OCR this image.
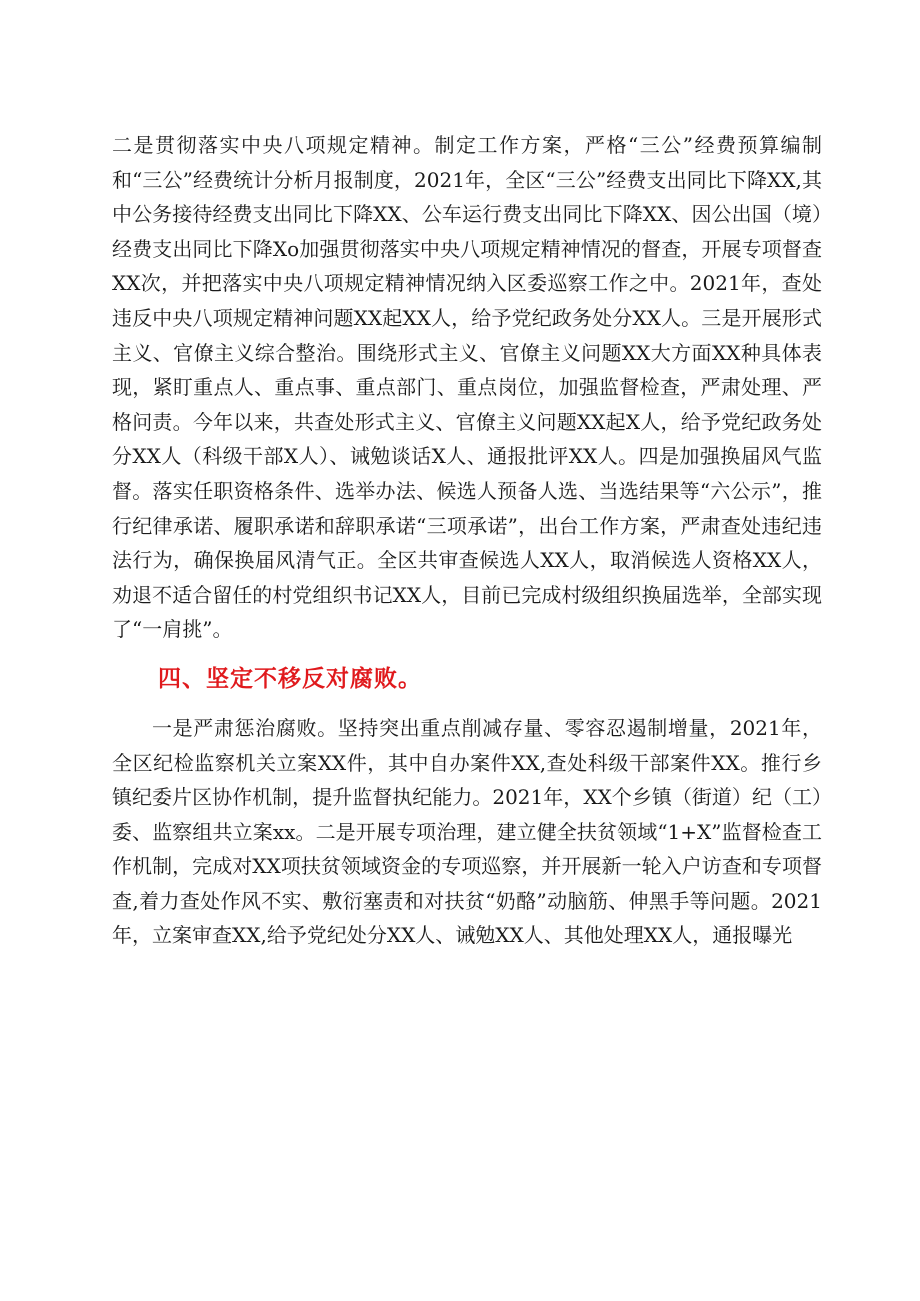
二是贯彻落实中央八项规定精神。制定工作方案，严格“三公”经费预算编制和“三公”经费统计分析月报制度，2021年，全区“三公”经费支出同比下降XX,其中公务接待经费支出同比下降XX、公车运行费支出同比下降XX、因公出国（境）经费支出同比下降Xo加强贯彻落实中央八项规定精神情况的督查，开展专项督查XX次，并把落实中央八项规定精神情况纳入区委巡察工作之中。2021年，查处违反中央八项规定精神问题XX起XX人，给予党纪政务处分XX人。三是开展形式主义、官僚主义综合整治。围绕形式主义、官僚主义问题XX大方面XX种具体表现，紧盯重点人、重点事、重点部门、重点岗位，加强监督检查，严肃处理、严格问责。今年以来，共查处形式主义、官僚主义问题XX起X人，给予党纪政务处分XX人（科级干部X人）、诫勉谈话X人、通报批评XX人。四是加强换届风气监督。落实任职资格条件、选举办法、候选人预备人选、当选结果等“六公示”，推行纪律承诺、履职承诺和辞职承诺“三项承诺”，出台工作方案，严肃查处违纪违法行为，确保换届风清气正。全区共审查候选人XX人，取消候选人资格XX人，劝退不适合留任的村党组织书记XX人，目前已完成村级组织换届选举，全部实现了“一肩挑”。

四、坚定不移反对腐败。

一是严肃惩治腐败。坚持突出重点削减存量、零容忍遏制增量，2021年，全区纪检监察机关立案XX件，其中自办案件XX,查处科级干部案件XX。推行乡镇纪委片区协作机制，提升监督执纪能力。2021年，XX个乡镇（街道）纪（工）委、监察组共立案xx。二是开展专项治理，建立健全扶贫领域“1+X”监督检查工作机制，完成对XX项扶贫领域资金的专项巡察，并开展新一轮入户访查和专项督查,着力查处作风不实、敷衍塞责和对扶贫“奶酪”动脑筋、伸黑手等问题。2021年，立案审查XX,给予党纪处分XX人、诫勉XX人、其他处理XX人，通报曝光
